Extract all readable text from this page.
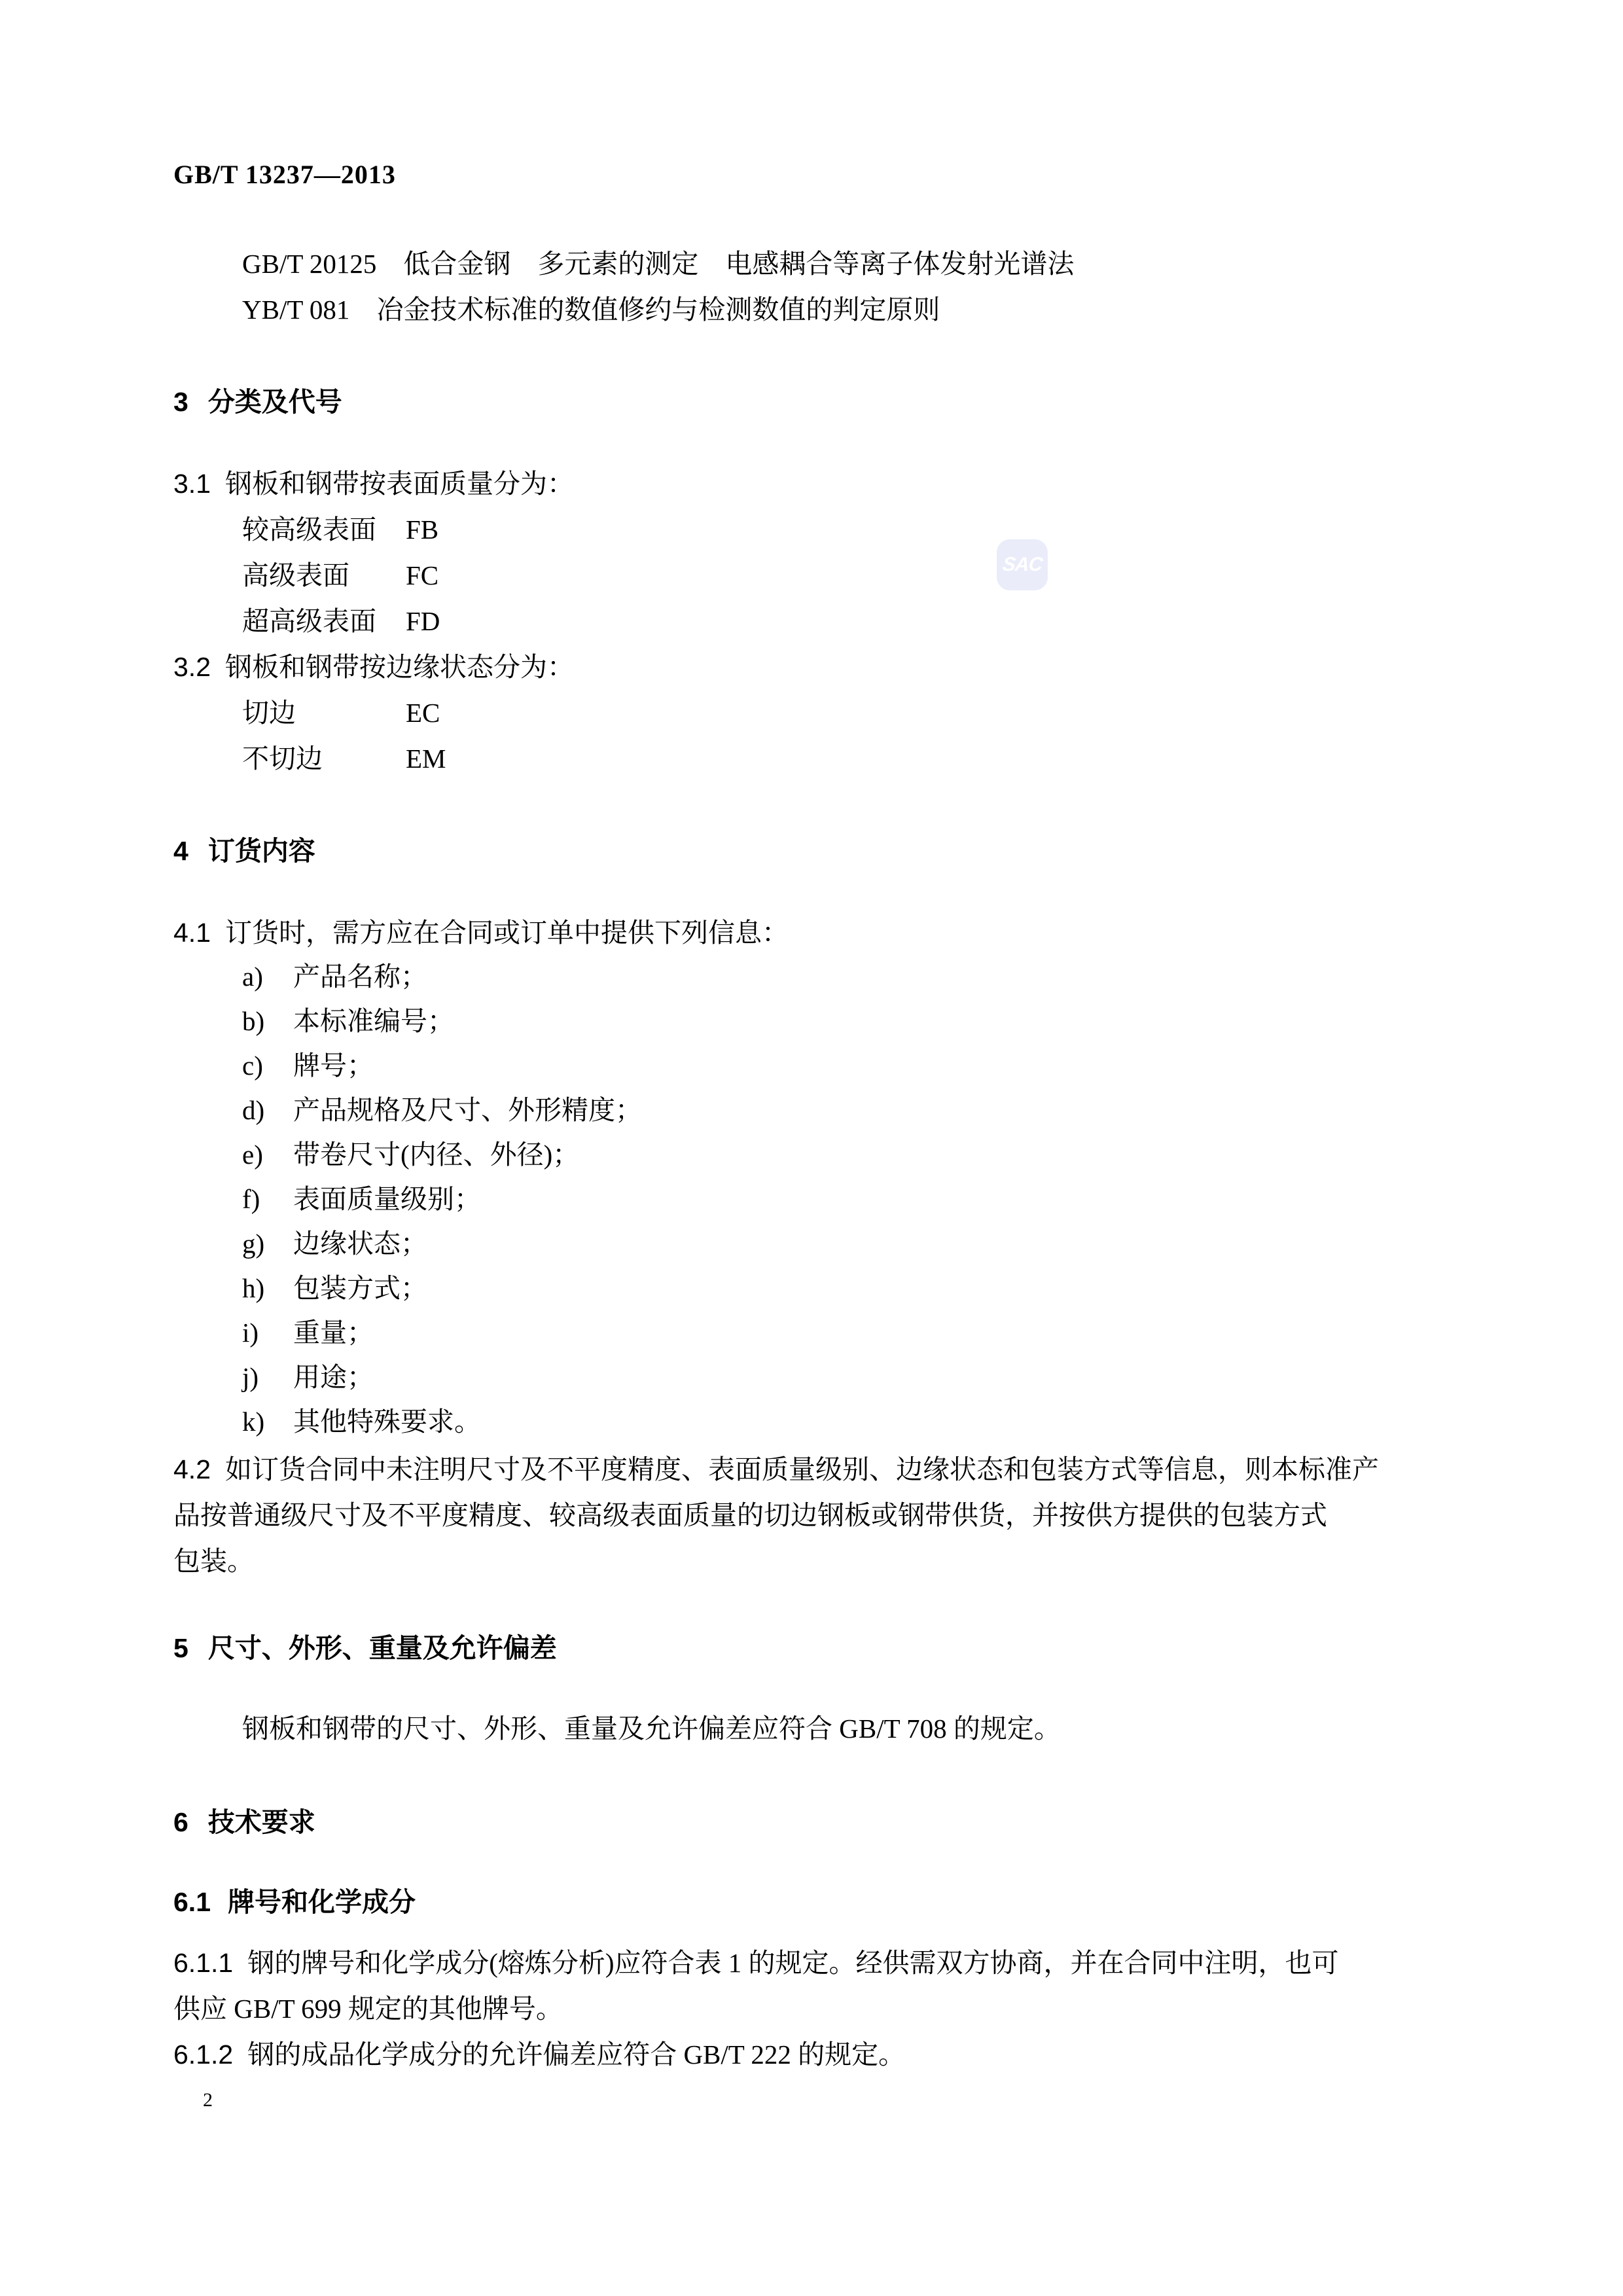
GB/T 13237—2013
SAC
GB/T 20125　低合金钢　多元素的测定　电感耦合等离子体发射光谱法
YB/T 081　冶金技术标准的数值修约与检测数值的判定原则
3 分类及代号
3.1 钢板和钢带按表面质量分为：
较高级表面 FB
高级表面 FC
超高级表面 FD
3.2 钢板和钢带按边缘状态分为：
切边	EC
不切边	EM
4 订货内容
4.1 订货时，需方应在合同或订单中提供下列信息：
a) 产品名称；
b) 本标准编号；
c) 牌号；
d) 产品规格及尺寸、外形精度；
e) 带卷尺寸(内径、外径)；
f) 表面质量级别；
g) 边缘状态；
h) 包装方式；
i) 重量；
j) 用途；
k) 其他特殊要求。
4.2 如订货合同中未注明尺寸及不平度精度、表面质量级别、边缘状态和包装方式等信息，则本标准产
品按普通级尺寸及不平度精度、较高级表面质量的切边钢板或钢带供货，并按供方提供的包装方式
包装。
5 尺寸、外形、重量及允许偏差
钢板和钢带的尺寸、外形、重量及允许偏差应符合 GB/T 708 的规定。
6 技术要求
6.1 牌号和化学成分
6.1.1 钢的牌号和化学成分(熔炼分析)应符合表 1 的规定。经供需双方协商，并在合同中注明，也可
供应 GB/T 699 规定的其他牌号。
6.1.2 钢的成品化学成分的允许偏差应符合 GB/T 222 的规定。
2
